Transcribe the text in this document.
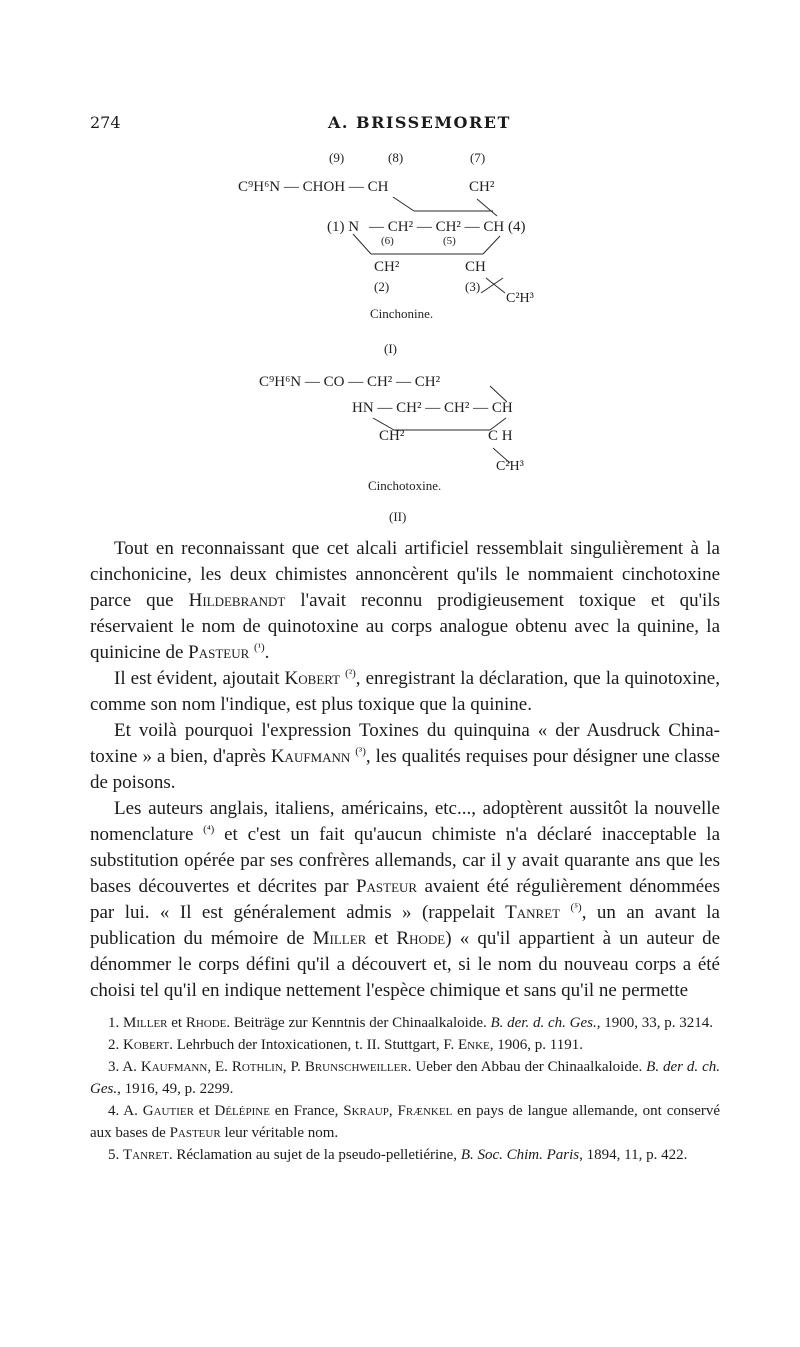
274	A. BRISSEMORET
(9)	(8)	(7)
C⁹H⁶N — CHOH — CH	CH²
(1) N — CH² — CH² — CH (4)
(6)	(5)
CH²	CH
(2)	(3)
C²H³
Cinchonine.
(I)
C⁹H⁶N — CO — CH² — CH²
HN — CH² — CH² — CH
CH²	C H
C²H³
Cinchotoxine.
(II)

Tout en reconnaissant que cet alcali artificiel ressemblait singulièrement à la cinchonicine, les deux chimistes annoncèrent qu'ils le nommaient cinchotoxine parce que Hildebrandt l'avait reconnu prodigieusement toxique et qu'ils réservaient le nom de quinotoxine au corps analogue obtenu avec la quinine, la quinicine de Pasteur $^{(^1)}$.

Il est évident, ajoutait Kobert $^{(^2)}$, enregistrant la déclaration, que la quinotoxine, comme son nom l'indique, est plus toxique que la quinine.

Et voilà pourquoi l'expression Toxines du quinquina « der Ausdruck China-toxine » a bien, d'après Kaufmann $^{(^3)}$, les qualités requises pour désigner une classe de poisons.

Les auteurs anglais, italiens, américains, etc..., adoptèrent aussitôt la nouvelle nomenclature $^{(^4)}$ et c'est un fait qu'aucun chimiste n'a déclaré inacceptable la substitution opérée par ses confrères allemands, car il y avait quarante ans que les bases découvertes et décrites par Pasteur avaient été régulièrement dénommées par lui. « Il est généralement admis » (rappelait Tanret $^{(^5)}$, un an avant la publication du mémoire de Miller et Rhode) « qu'il appartient à un auteur de dénommer le corps défini qu'il a découvert et, si le nom du nouveau corps a été choisi tel qu'il en indique nettement l'espèce chimique et sans qu'il ne permette

1. Miller et Rhode. Beiträge zur Kenntnis der Chinaalkaloide. B. der. d. ch. Ges., 1900, 33, p. 3214.

2. Kobert. Lehrbuch der Intoxicationen, t. II. Stuttgart, F. Enke, 1906, p. 1191.

3. A. Kaufmann, E. Rothlin, P. Brunschweiller. Ueber den Abbau der Chinaalkaloide. B. der d. ch. Ges., 1916, 49, p. 2299.

4. A. Gautier et Délépine en France, Skraup, Frænkel en pays de langue allemande, ont conservé aux bases de Pasteur leur véritable nom.

5. Tanret. Réclamation au sujet de la pseudo-pelletiérine, B. Soc. Chim. Paris, 1894, 11, p. 422.
